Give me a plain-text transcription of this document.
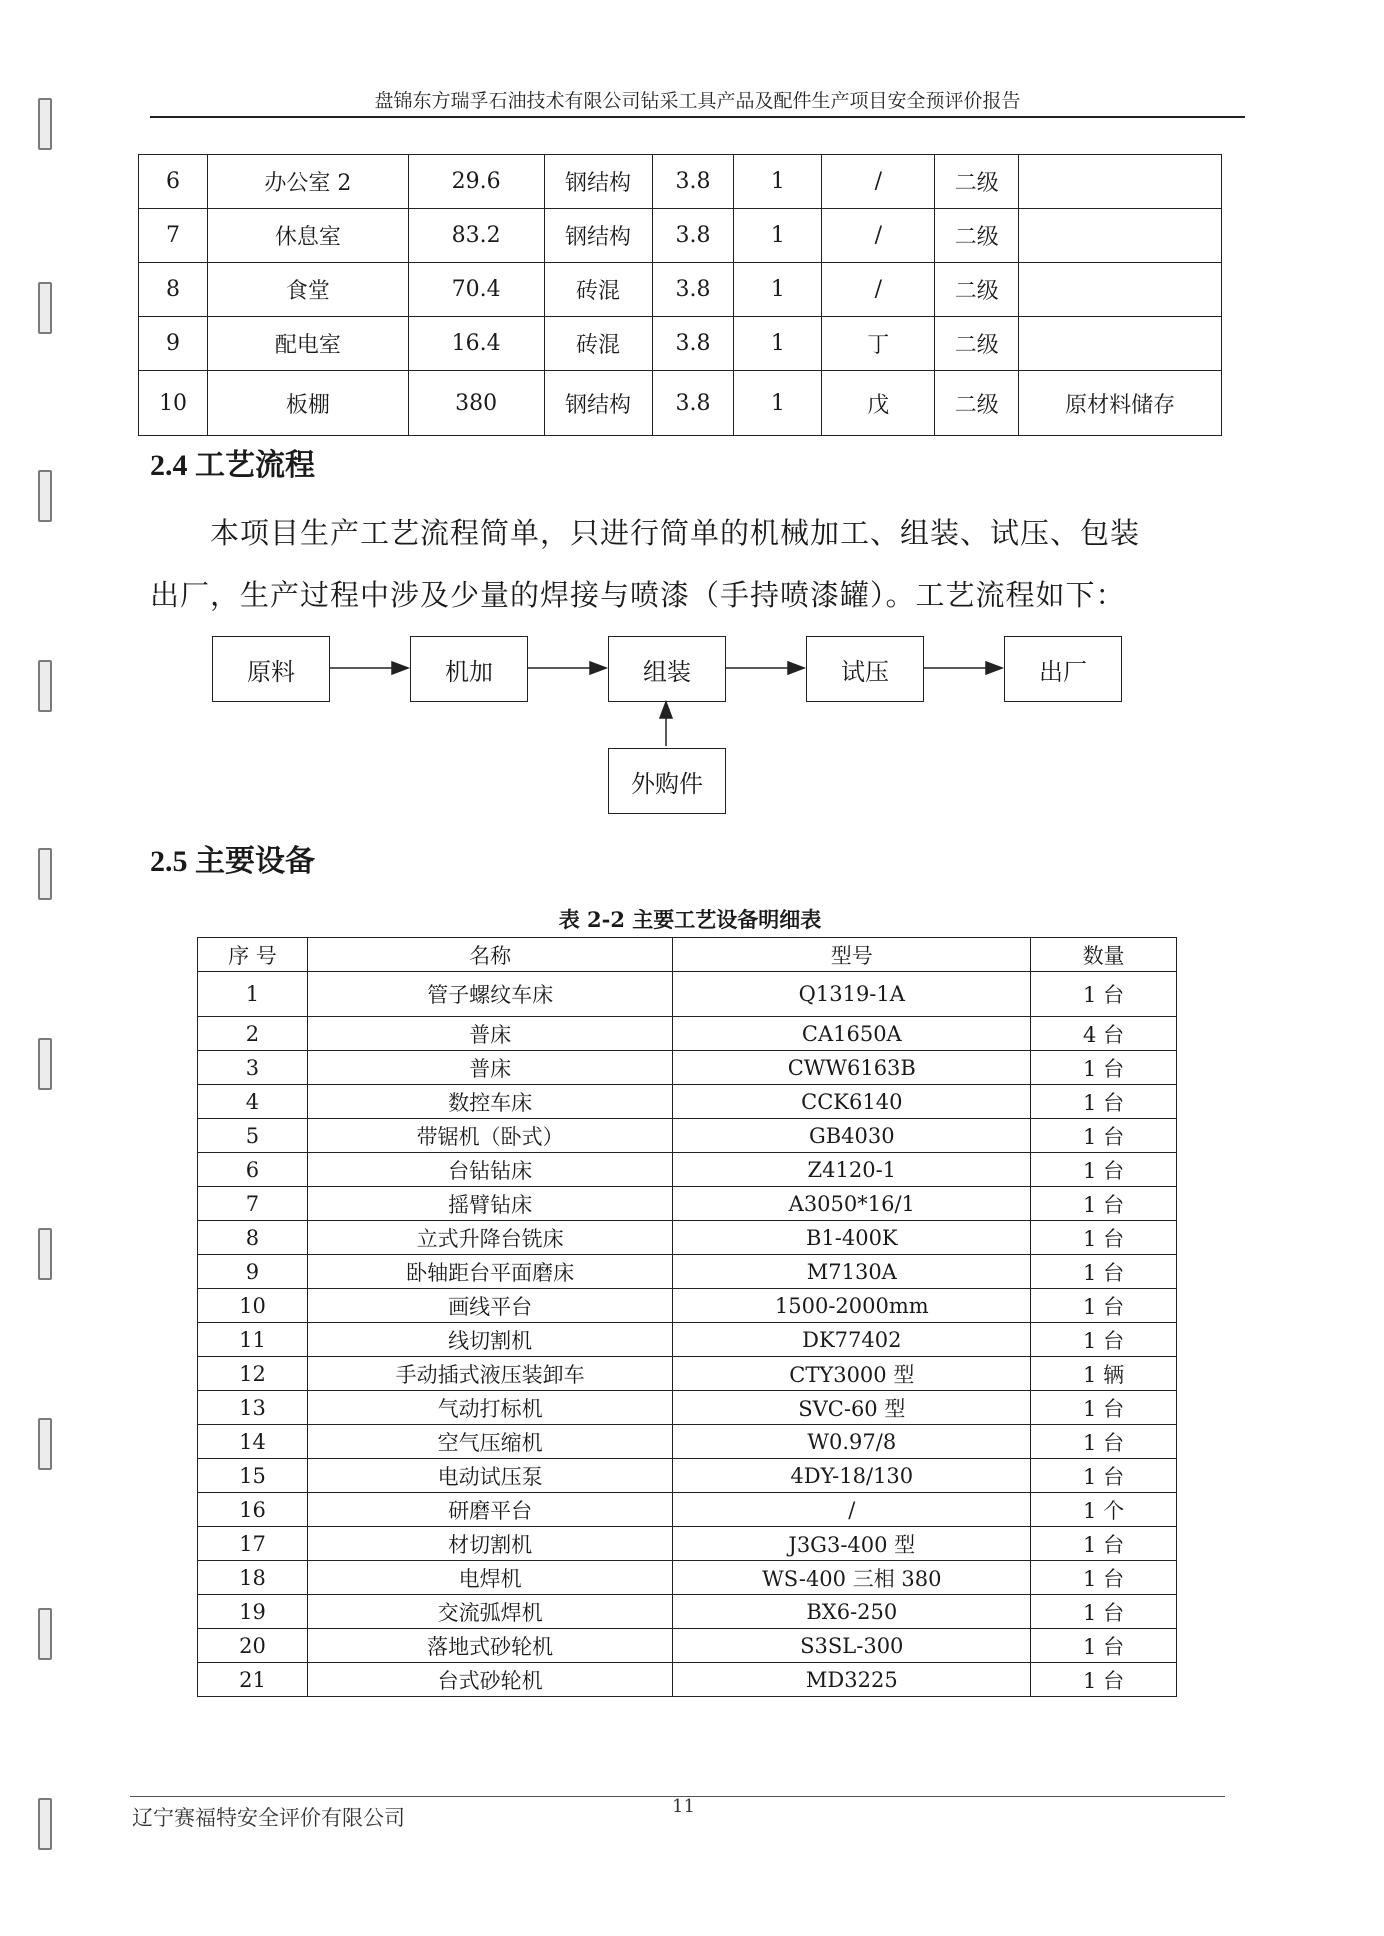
盘锦东方瑞孚石油技术有限公司钻采工具产品及配件生产项目安全预评价报告
6	办公室 2	29.6	钢结构	3.8	1	/	二级	
7	休息室	83.2	钢结构	3.8	1	/	二级	
8	食堂	70.4	砖混	3.8	1	/	二级	
9	配电室	16.4	砖混	3.8	1	丁	二级	
10	板棚	380	钢结构	3.8	1	戊	二级	原材料储存
2.4 工艺流程
本项目生产工艺流程简单，只进行简单的机械加工、组装、试压、包装
出厂，生产过程中涉及少量的焊接与喷漆（手持喷漆罐）。工艺流程如下：
原料	机加	组装	试压	出厂
外购件
2.5 主要设备
表 2-2 主要工艺设备明细表
序 号	名称	型号	数量
1	管子螺纹车床	Q1319-1A	1 台
2	普床	CA1650A	4 台
3	普床	CWW6163B	1 台
4	数控车床	CCK6140	1 台
5	带锯机（卧式）	GB4030	1 台
6	台钻钻床	Z4120-1	1 台
7	摇臂钻床	A3050*16/1	1 台
8	立式升降台铣床	B1-400K	1 台
9	卧轴距台平面磨床	M7130A	1 台
10	画线平台	1500-2000mm	1 台
11	线切割机	DK77402	1 台
12	手动插式液压装卸车	CTY3000 型	1 辆
13	气动打标机	SVC-60 型	1 台
14	空气压缩机	W0.97/8	1 台
15	电动试压泵	4DY-18/130	1 台
16	研磨平台	/	1 个
17	材切割机	J3G3-400 型	1 台
18	电焊机	WS-400 三相 380	1 台
19	交流弧焊机	BX6-250	1 台
20	落地式砂轮机	S3SL-300	1 台
21	台式砂轮机	MD3225	1 台
辽宁赛福特安全评价有限公司	11
